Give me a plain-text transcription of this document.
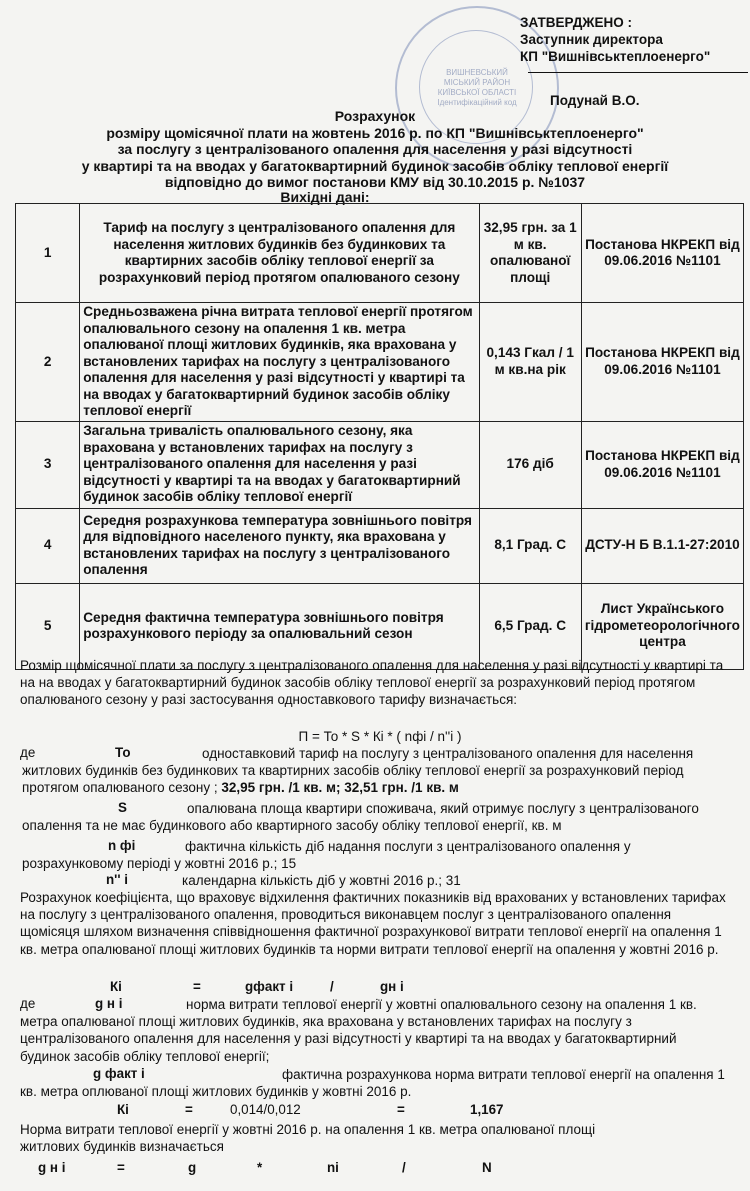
ВИШНЕВСЬКИЙ МІСЬКИЙ РАЙОН КИЇВСЬКОЇ ОБЛАСТІ Ідентифікаційний код
ЗАТВЕРДЖЕНО :
Заступник директора
КП "Вишнівськтеплоенерго"
Подунай В.О.
Розрахунок
розміру щомісячної плати на жовтень 2016 р. по КП "Вишнівськтеплоенерго"
за послугу з централізованого опалення для населення у разі відсутності
у квартирі та на вводах у багатоквартирний будинок засобів обліку теплової енергії
відповідно до вимог постанови КМУ від 30.10.2015 р. №1037
Вихідні дані:
1	Тариф на послугу з централізованого опалення для населення житлових будинків без будинкових та квартирних засобів обліку теплової енергії за розрахунковий період протягом опалюваного сезону	32,95 грн. за 1 м кв. опалюваної площі	Постанова НКРЕКП від 09.06.2016 №1101
2	Средньозважена річна витрата теплової енергії протягом опалювального сезону на опалення 1 кв. метра опалюваної площі житлових будинків, яка врахована у встановлених тарифах на послугу з централізованого опалення для населення у разі відсутності у квартирі та на вводах у багатоквартирний будинок засобів обліку теплової енергії	0,143 Гкал / 1 м кв.на рік	Постанова НКРЕКП від 09.06.2016 №1101
3	Загальна тривалість опалювального сезону, яка врахована у встановлених тарифах на послугу з централізованого опалення для населення у разі відсутності у квартирі та на вводах у багатоквартирний будинок засобів обліку теплової енергії	176 діб	Постанова НКРЕКП від 09.06.2016 №1101
4	Середня розрахункова температура зовнішнього повітря для відповідного населеного пункту, яка врахована у встановлених тарифах на послугу з централізованого опалення	8,1 Град. С	ДСТУ-Н Б В.1.1-27:2010
5	Середня фактична температура зовнішнього повітря розрахункового періоду за опалювальний сезон	6,5 Град. С	Лист Українського гідрометеорологічного центра
Розмір щомісячної плати за послугу з централізованого опалення для населення у разі відсутності у квартирі та на на вводах у багатоквартирний будинок засобів обліку теплової енергії за розрахунковий період протягом опалюваного сезону у разі застосування одноставкового тарифу визначається:
П = То * S * Кі * ( nфі / n''і )
де	То	одноставковий тариф на послугу з централізованого опалення для населення житлових будинків без будинкових та квартирних засобів обліку теплової енергії за розрахунковий період протягом опалюваного сезону ; 32,95 грн. /1 кв. м; 32,51 грн. /1 кв. м
S	опалювана площа квартири споживача, який отримує послугу з централізованого опалення та не має будинкового або квартирного засобу обліку теплової енергії, кв. м
n фі	фактична кількість діб надання послуги з централізованого опалення у розрахунковому періоді у жовтні 2016 р.; 15
n'' і	календарна кількість діб у жовтні 2016 р.; 31
Розрахунок коефіцієнта, що враховує відхилення фактичних показників від врахованих у встановлених тарифах на послугу з централізованого опалення, проводиться виконавцем послуг з централізованого опалення щомісяця шляхом визначення співвідношення фактичної розрахункової витрати теплової енергії на опалення 1 кв. метра опалюваної площі житлових будинків та норми витрати теплової енергії на опалення у жовтні 2016 р.
Кі	=	gфакт і	/	gн і
де	g н і	норма витрати теплової енергії у жовтні опалювального сезону на опалення 1 кв. метра опалюваної площі житлових будинків, яка врахована у встановлених тарифах на послугу з централізованого опалення для населення у разі відсутності у квартирі та на вводах у багатоквартирний будинок засобів обліку теплової енергії;
g факт і	фактична розрахункова норма витрати теплової енергії на опалення 1 кв. метра оплюваної площі житлових будинків у жовтні 2016 р.
Кі	=	0,014/0,012	=	1,167
Норма витрати теплової енергії у жовтні 2016 р. на опалення 1 кв. метра опалюваної площі житлових будинків визначається
g н і	=	g	*	nі	/	N
